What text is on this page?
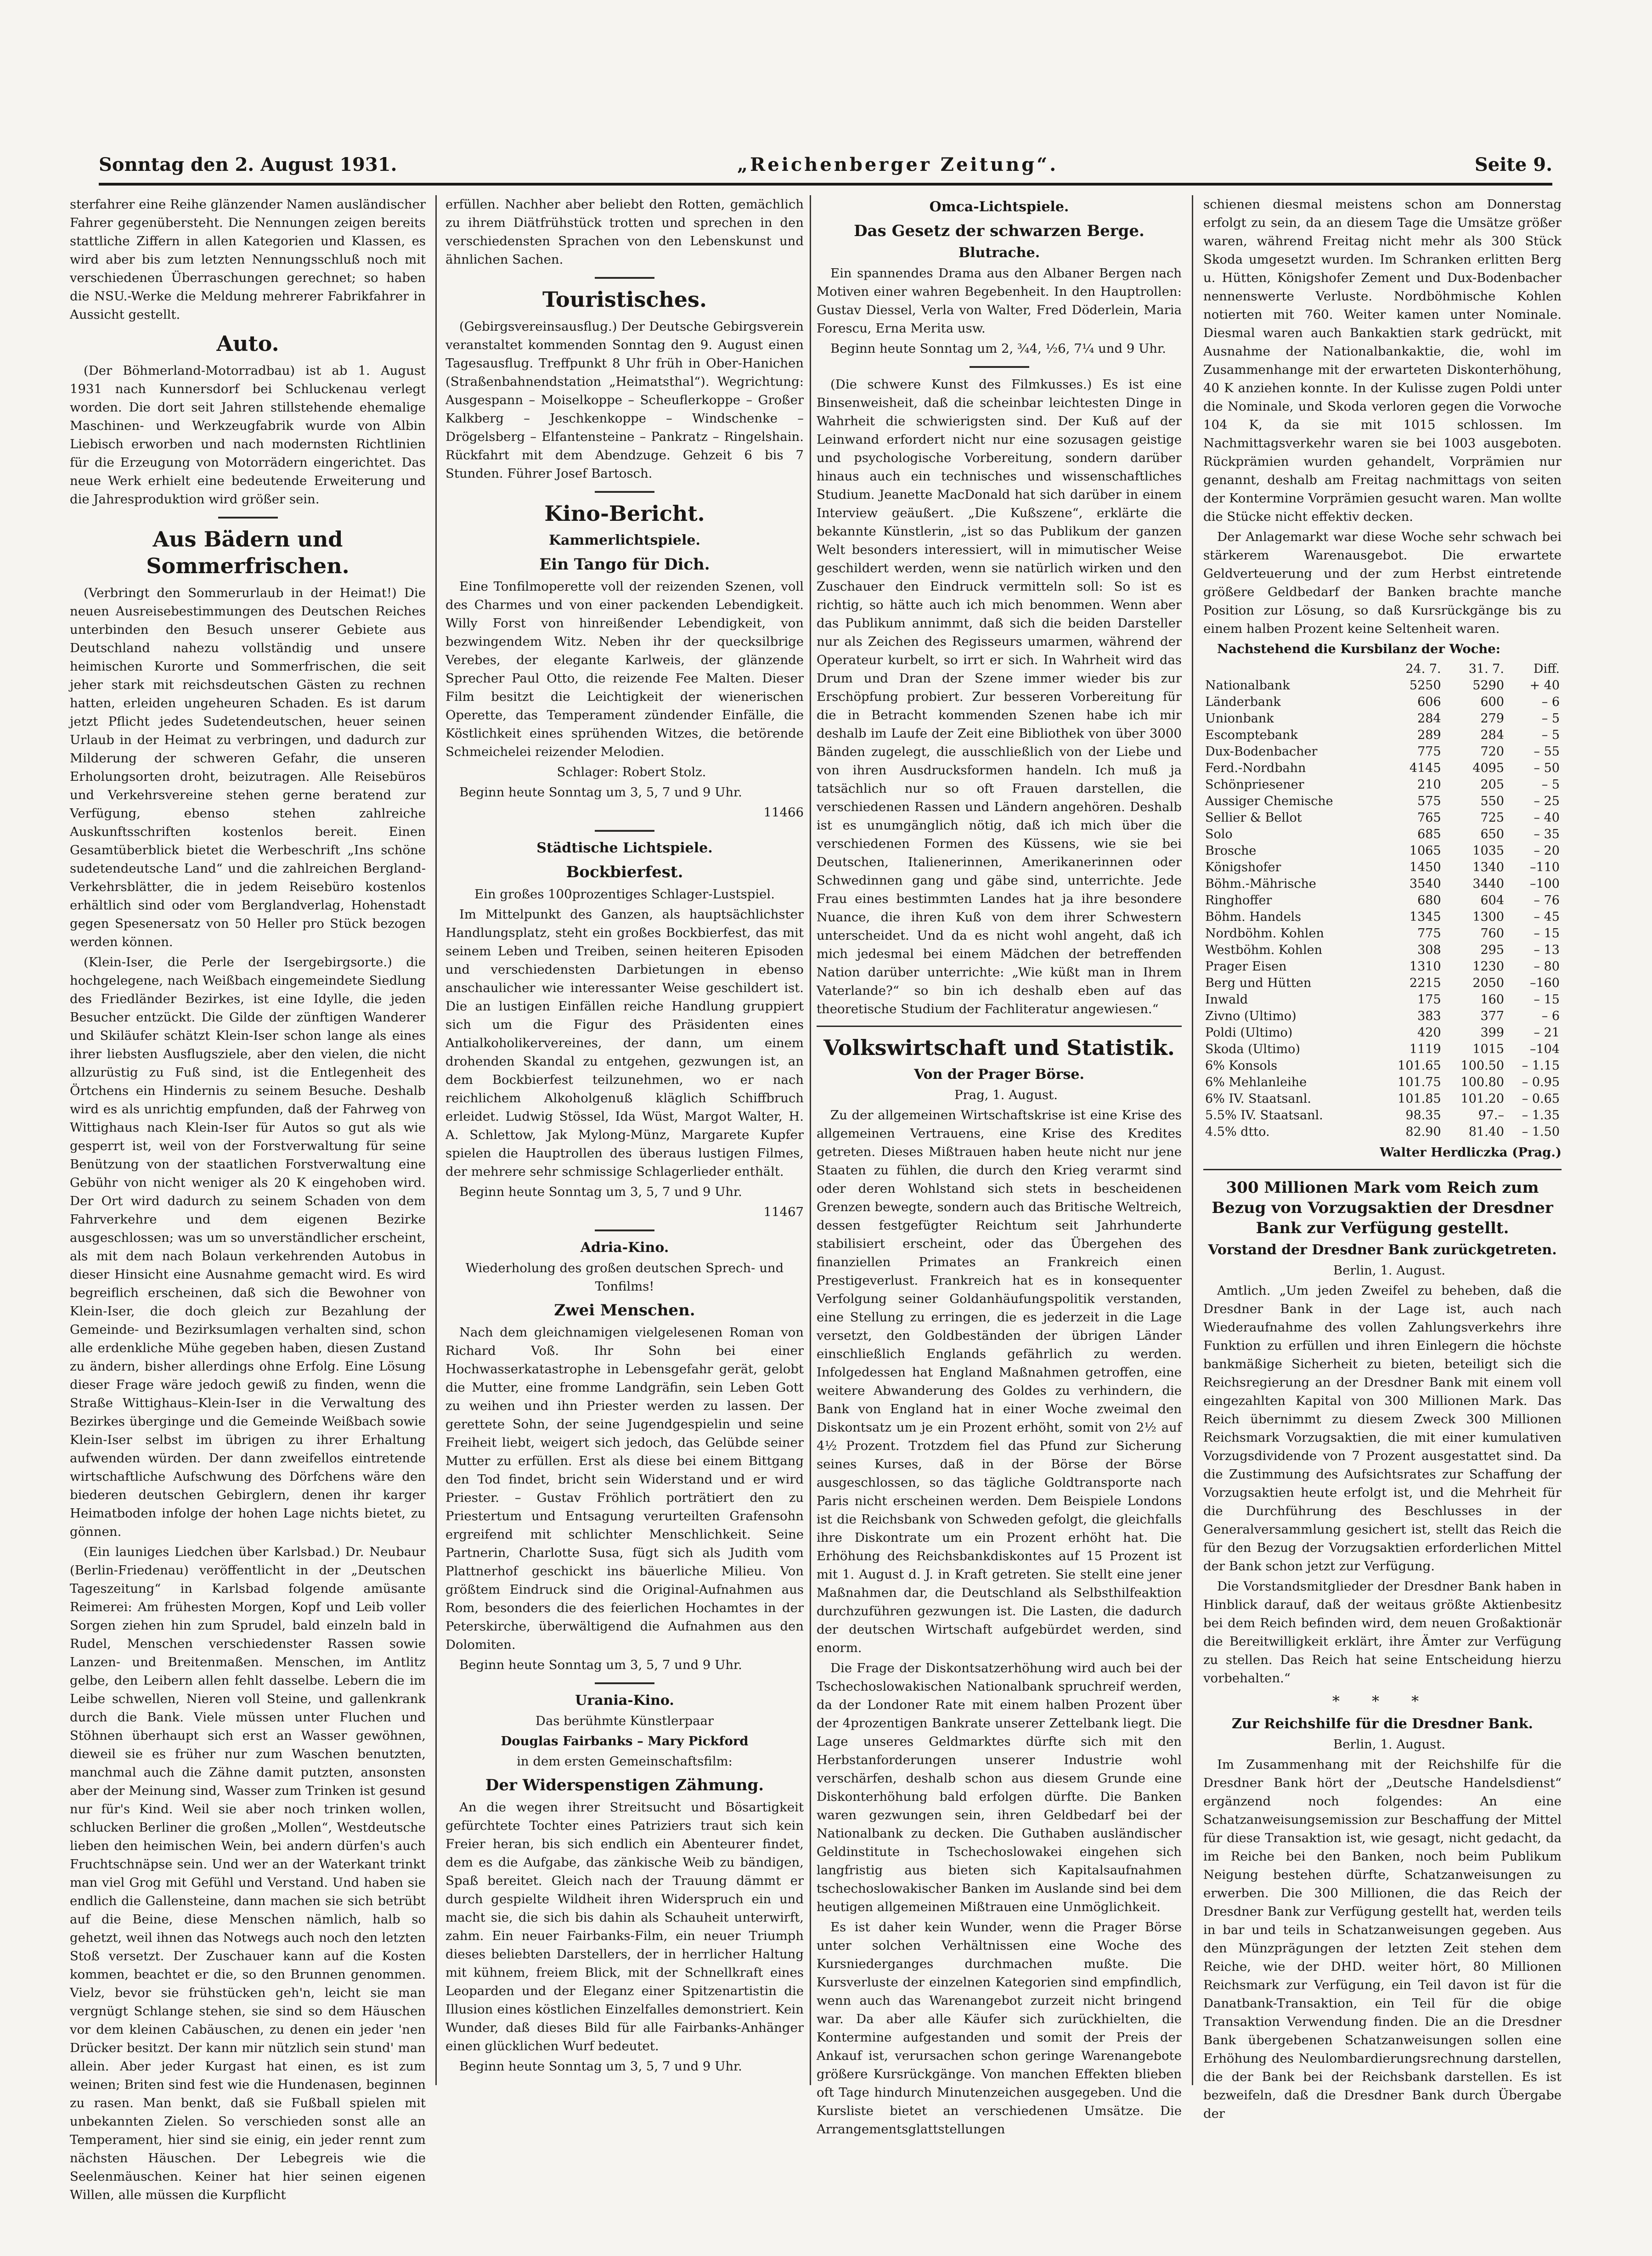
Sonntag den 2. August 1931.	„Reichenberger Zeitung“.	Seite 9.

sterfahrer eine Reihe glänzender Namen ausländischer Fahrer gegenübersteht. Die Nennungen zeigen bereits stattliche Ziffern in allen Kategorien und Klassen, es wird aber bis zum letzten Nennungsschluß noch mit verschiedenen Überraschungen gerechnet; so haben die NSU.-Werke die Meldung mehrerer Fabrikfahrer in Aussicht gestellt.

Auto.

(Der Böhmerland-Motorradbau) ist ab 1. August 1931 nach Kunnersdorf bei Schluckenau verlegt worden. Die dort seit Jahren stillstehende ehemalige Maschinen- und Werkzeugfabrik wurde von Albin Liebisch erworben und nach modernsten Richtlinien für die Erzeugung von Motorrädern eingerichtet. Das neue Werk erhielt eine bedeutende Erweiterung und die Jahresproduktion wird größer sein.

Aus Bädern und Sommerfrischen.

(Verbringt den Sommerurlaub in der Heimat!) Die neuen Ausreisebestimmungen des Deutschen Reiches unterbinden den Besuch unserer Gebiete aus Deutschland nahezu vollständig und unsere heimischen Kurorte und Sommerfrischen, die seit jeher stark mit reichsdeutschen Gästen zu rechnen hatten, erleiden ungeheuren Schaden. Es ist darum jetzt Pflicht jedes Sudetendeutschen, heuer seinen Urlaub in der Heimat zu verbringen, und dadurch zur Milderung der schweren Gefahr, die unseren Erholungsorten droht, beizutragen. Alle Reisebüros und Verkehrsvereine stehen gerne beratend zur Verfügung, ebenso stehen zahlreiche Auskunftsschriften kostenlos bereit. Einen Gesamtüberblick bietet die Werbeschrift „Ins schöne sudetendeutsche Land“ und die zahlreichen Bergland-Verkehrsblätter, die in jedem Reisebüro kostenlos erhältlich sind oder vom Berglandverlag, Hohenstadt gegen Spesenersatz von 50 Heller pro Stück bezogen werden können.

(Klein-Iser, die Perle der Isergebirgsorte.) die hochgelegene, nach Weißbach eingemeindete Siedlung des Friedländer Bezirkes, ist eine Idylle, die jeden Besucher entzückt. Die Gilde der zünftigen Wanderer und Skiläufer schätzt Klein-Iser schon lange als eines ihrer liebsten Ausflugsziele, aber den vielen, die nicht allzurüstig zu Fuß sind, ist die Entlegenheit des Örtchens ein Hindernis zu seinem Besuche. Deshalb wird es als unrichtig empfunden, daß der Fahrweg von Wittighaus nach Klein-Iser für Autos so gut als wie gesperrt ist, weil von der Forstverwaltung für seine Benützung von der staatlichen Forstverwaltung eine Gebühr von nicht weniger als 20 K eingehoben wird. Der Ort wird dadurch zu seinem Schaden von dem Fahrverkehre und dem eigenen Bezirke ausgeschlossen; was um so unverständlicher erscheint, als mit dem nach Bolaun verkehrenden Autobus in dieser Hinsicht eine Ausnahme gemacht wird. Es wird begreiflich erscheinen, daß sich die Bewohner von Klein-Iser, die doch gleich zur Bezahlung der Gemeinde- und Bezirksumlagen verhalten sind, schon alle erdenkliche Mühe gegeben haben, diesen Zustand zu ändern, bisher allerdings ohne Erfolg. Eine Lösung dieser Frage wäre jedoch gewiß zu finden, wenn die Straße Wittighaus–Klein-Iser in die Verwaltung des Bezirkes überginge und die Gemeinde Weißbach sowie Klein-Iser selbst im übrigen zu ihrer Erhaltung aufwenden würden. Der dann zweifellos eintretende wirtschaftliche Aufschwung des Dörfchens wäre den biederen deutschen Gebirglern, denen ihr karger Heimatboden infolge der hohen Lage nichts bietet, zu gönnen.

(Ein launiges Liedchen über Karlsbad.) Dr. Neubaur (Berlin-Friedenau) veröffentlicht in der „Deutschen Tageszeitung“ in Karlsbad folgende amüsante Reimerei: Am frühesten Morgen, Kopf und Leib voller Sorgen ziehen hin zum Sprudel, bald einzeln bald in Rudel, Menschen verschiedenster Rassen sowie Lanzen- und Breitenmaßen. Menschen, im Antlitz gelbe, den Leibern allen fehlt dasselbe. Lebern die im Leibe schwellen, Nieren voll Steine, und gallenkrank durch die Bank. Viele müssen unter Fluchen und Stöhnen überhaupt sich erst an Wasser gewöhnen, dieweil sie es früher nur zum Waschen benutzten, manchmal auch die Zähne damit putzten, ansonsten aber der Meinung sind, Wasser zum Trinken ist gesund nur für's Kind. Weil sie aber noch trinken wollen, schlucken Berliner die großen „Mollen“, Westdeutsche lieben den heimischen Wein, bei andern dürfen's auch Fruchtschnäpse sein. Und wer an der Waterkant trinkt man viel Grog mit Gefühl und Verstand. Und haben sie endlich die Gallensteine, dann machen sie sich betrübt auf die Beine, diese Menschen nämlich, halb so gehetzt, weil ihnen das Notwegs auch noch den letzten Stoß versetzt. Der Zuschauer kann auf die Kosten kommen, beachtet er die, so den Brunnen genommen. Vielz, bevor sie frühstücken geh'n, leicht sie man vergnügt Schlange stehen, sie sind so dem Häuschen vor dem kleinen Cabäuschen, zu denen ein jeder 'nen Drücker besitzt. Der kann mir nützlich sein stund' man allein. Aber jeder Kurgast hat einen, es ist zum weinen; Briten sind fest wie die Hundenasen, beginnen zu rasen. Man benkt, daß sie Fußball spielen mit unbekannten Zielen. So verschieden sonst alle an Temperament, hier sind sie einig, ein jeder rennt zum nächsten Häuschen. Der Lebegreis wie die Seelenmäuschen. Keiner hat hier seinen eigenen Willen, alle müssen die Kurpflicht

erfüllen. Nachher aber beliebt den Rotten, gemächlich zu ihrem Diätfrühstück trotten und sprechen in den verschiedensten Sprachen von den Lebenskunst und ähnlichen Sachen.

Touristisches.

(Gebirgsvereinsausflug.) Der Deutsche Gebirgsverein veranstaltet kommenden Sonntag den 9. August einen Tagesausflug. Treffpunkt 8 Uhr früh in Ober-Hanichen (Straßenbahnendstation „Heimatsthal“). Wegrichtung: Ausgespann – Moiselkoppe – Scheuflerkoppe – Großer Kalkberg – Jeschkenkoppe – Windschenke – Drögelsberg – Elfantensteine – Pankratz – Ringelshain. Rückfahrt mit dem Abendzuge. Gehzeit 6 bis 7 Stunden. Führer Josef Bartosch.

Kino-Bericht.
Kammerlichtspiele.
Ein Tango für Dich.

Eine Tonfilmoperette voll der reizenden Szenen, voll des Charmes und von einer packenden Lebendigkeit. Willy Forst von hinreißender Lebendigkeit, von bezwingendem Witz. Neben ihr der quecksilbrige Verebes, der elegante Karlweis, der glänzende Sprecher Paul Otto, die reizende Fee Malten. Dieser Film besitzt die Leichtigkeit der wienerischen Operette, das Temperament zündender Einfälle, die Köstlichkeit eines sprühenden Witzes, die betörende Schmeichelei reizender Melodien.

Schlager: Robert Stolz.

Beginn heute Sonntag um 3, 5, 7 und 9 Uhr.

11466

Städtische Lichtspiele.
Bockbierfest.

Ein großes 100prozentiges Schlager-Lustspiel.

Im Mittelpunkt des Ganzen, als hauptsächlichster Handlungsplatz, steht ein großes Bockbierfest, das mit seinem Leben und Treiben, seinen heiteren Episoden und verschiedensten Darbietungen in ebenso anschaulicher wie interessanter Weise geschildert ist. Die an lustigen Einfällen reiche Handlung gruppiert sich um die Figur des Präsidenten eines Antialkoholikervereines, der dann, um einem drohenden Skandal zu entgehen, gezwungen ist, an dem Bockbierfest teilzunehmen, wo er nach reichlichem Alkoholgenuß kläglich Schiffbruch erleidet. Ludwig Stössel, Ida Wüst, Margot Walter, H. A. Schlettow, Jak Mylong-Münz, Margarete Kupfer spielen die Hauptrollen des überaus lustigen Filmes, der mehrere sehr schmissige Schlagerlieder enthält.

Beginn heute Sonntag um 3, 5, 7 und 9 Uhr.

11467

Adria-Kino.

Wiederholung des großen deutschen Sprech- und Tonfilms!

Zwei Menschen.

Nach dem gleichnamigen vielgelesenen Roman von Richard Voß. Ihr Sohn bei einer Hochwasserkatastrophe in Lebensgefahr gerät, gelobt die Mutter, eine fromme Landgräfin, sein Leben Gott zu weihen und ihn Priester werden zu lassen. Der gerettete Sohn, der seine Jugendgespielin und seine Freiheit liebt, weigert sich jedoch, das Gelübde seiner Mutter zu erfüllen. Erst als diese bei einem Bittgang den Tod findet, bricht sein Widerstand und er wird Priester. – Gustav Fröhlich porträtiert den zu Priestertum und Entsagung verurteilten Grafensohn ergreifend mit schlichter Menschlichkeit. Seine Partnerin, Charlotte Susa, fügt sich als Judith vom Plattnerhof geschickt ins bäuerliche Milieu. Von größtem Eindruck sind die Original-Aufnahmen aus Rom, besonders die des feierlichen Hochamtes in der Peterskirche, überwältigend die Aufnahmen aus den Dolomiten.

Beginn heute Sonntag um 3, 5, 7 und 9 Uhr.

Urania-Kino.

Das berühmte Künstlerpaar

Douglas Fairbanks – Mary Pickford

in dem ersten Gemeinschaftsfilm:

Der Widerspenstigen Zähmung.

An die wegen ihrer Streitsucht und Bösartigkeit gefürchtete Tochter eines Patriziers traut sich kein Freier heran, bis sich endlich ein Abenteurer findet, dem es die Aufgabe, das zänkische Weib zu bändigen, Spaß bereitet. Gleich nach der Trauung dämmt er durch gespielte Wildheit ihren Widerspruch ein und macht sie, die sich bis dahin als Schauheit unterwirft, zahm. Ein neuer Fairbanks-Film, ein neuer Triumph dieses beliebten Darstellers, der in herrlicher Haltung mit kühnem, freiem Blick, mit der Schnellkraft eines Leoparden und der Eleganz einer Spitzenartistin die Illusion eines köstlichen Einzelfalles demonstriert. Kein Wunder, daß dieses Bild für alle Fairbanks-Anhänger einen glücklichen Wurf bedeutet.

Beginn heute Sonntag um 3, 5, 7 und 9 Uhr.

Omca-Lichtspiele.
Das Gesetz der schwarzen Berge.
Blutrache.

Ein spannendes Drama aus den Albaner Bergen nach Motiven einer wahren Begebenheit. In den Hauptrollen: Gustav Diessel, Verla von Walter, Fred Döderlein, Maria Forescu, Erna Merita usw.

Beginn heute Sonntag um 2, ¾4, ½6, 7¼ und 9 Uhr.

(Die schwere Kunst des Filmkusses.) Es ist eine Binsenweisheit, daß die scheinbar leichtesten Dinge in Wahrheit die schwierigsten sind. Der Kuß auf der Leinwand erfordert nicht nur eine sozusagen geistige und psychologische Vorbereitung, sondern darüber hinaus auch ein technisches und wissenschaftliches Studium. Jeanette MacDonald hat sich darüber in einem Interview geäußert. „Die Kußszene“, erklärte die bekannte Künstlerin, „ist so das Publikum der ganzen Welt besonders interessiert, will in mimutischer Weise geschildert werden, wenn sie natürlich wirken und den Zuschauer den Eindruck vermitteln soll: So ist es richtig, so hätte auch ich mich benommen. Wenn aber das Publikum annimmt, daß sich die beiden Darsteller nur als Zeichen des Regisseurs umarmen, während der Operateur kurbelt, so irrt er sich. In Wahrheit wird das Drum und Dran der Szene immer wieder bis zur Erschöpfung probiert. Zur besseren Vorbereitung für die in Betracht kommenden Szenen habe ich mir deshalb im Laufe der Zeit eine Bibliothek von über 3000 Bänden zugelegt, die ausschließlich von der Liebe und von ihren Ausdrucksformen handeln. Ich muß ja tatsächlich nur so oft Frauen darstellen, die verschiedenen Rassen und Ländern angehören. Deshalb ist es unumgänglich nötig, daß ich mich über die verschiedenen Formen des Küssens, wie sie bei Deutschen, Italienerinnen, Amerikanerinnen oder Schwedinnen gang und gäbe sind, unterrichte. Jede Frau eines bestimmten Landes hat ja ihre besondere Nuance, die ihren Kuß von dem ihrer Schwestern unterscheidet. Und da es nicht wohl angeht, daß ich mich jedesmal bei einem Mädchen der betreffenden Nation darüber unterrichte: „Wie küßt man in Ihrem Vaterlande?“ so bin ich deshalb eben auf das theoretische Studium der Fachliteratur angewiesen.“

Volkswirtschaft und Statistik.
Von der Prager Börse.

Prag, 1. August.

Zu der allgemeinen Wirtschaftskrise ist eine Krise des allgemeinen Vertrauens, eine Krise des Kredites getreten. Dieses Mißtrauen haben heute nicht nur jene Staaten zu fühlen, die durch den Krieg verarmt sind oder deren Wohlstand sich stets in bescheidenen Grenzen bewegte, sondern auch das Britische Weltreich, dessen festgefügter Reichtum seit Jahrhunderte stabilisiert erscheint, oder das Übergehen des finanziellen Primates an Frankreich einen Prestigeverlust. Frankreich hat es in konsequenter Verfolgung seiner Goldanhäufungspolitik verstanden, eine Stellung zu erringen, die es jederzeit in die Lage versetzt, den Goldbeständen der übrigen Länder einschließlich Englands gefährlich zu werden. Infolgedessen hat England Maßnahmen getroffen, eine weitere Abwanderung des Goldes zu verhindern, die Bank von England hat in einer Woche zweimal den Diskontsatz um je ein Prozent erhöht, somit von 2½ auf 4½ Prozent. Trotzdem fiel das Pfund zur Sicherung seines Kurses, daß in der Börse der Börse ausgeschlossen, so das tägliche Goldtransporte nach Paris nicht erscheinen werden. Dem Beispiele Londons ist die Reichsbank von Schweden gefolgt, die gleichfalls ihre Diskontrate um ein Prozent erhöht hat. Die Erhöhung des Reichsbankdiskontes auf 15 Prozent ist mit 1. August d. J. in Kraft getreten. Sie stellt eine jener Maßnahmen dar, die Deutschland als Selbsthilfeaktion durchzuführen gezwungen ist. Die Lasten, die dadurch der deutschen Wirtschaft aufgebürdet werden, sind enorm.

Die Frage der Diskontsatzerhöhung wird auch bei der Tschechoslowakischen Nationalbank spruchreif werden, da der Londoner Rate mit einem halben Prozent über der 4prozentigen Bankrate unserer Zettelbank liegt. Die Lage unseres Geldmarktes dürfte sich mit den Herbstanforderungen unserer Industrie wohl verschärfen, deshalb schon aus diesem Grunde eine Diskonterhöhung bald erfolgen dürfte. Die Banken waren gezwungen sein, ihren Geldbedarf bei der Nationalbank zu decken. Die Guthaben ausländischer Geldinstitute in Tschechoslowakei eingehen sich langfristig aus bieten sich Kapitalsaufnahmen tschechoslowakischer Banken im Auslande sind bei dem heutigen allgemeinen Mißtrauen eine Unmöglichkeit.

Es ist daher kein Wunder, wenn die Prager Börse unter solchen Verhältnissen eine Woche des Kursniederganges durchmachen mußte. Die Kursverluste der einzelnen Kategorien sind empfindlich, wenn auch das Warenangebot zurzeit nicht bringend war. Da aber alle Käufer sich zurückhielten, die Kontermine aufgestanden und somit der Preis der Ankauf ist, verursachen schon geringe Warenangebote größere Kursrückgänge. Von manchen Effekten blieben oft Tage hindurch Minutenzeichen ausgegeben. Und die Kursliste bietet an verschiedenen Umsätze. Die Arrangementsglattstellungen

schienen diesmal meistens schon am Donnerstag erfolgt zu sein, da an diesem Tage die Umsätze größer waren, während Freitag nicht mehr als 300 Stück Skoda umgesetzt wurden. Im Schranken erlitten Berg u. Hütten, Königshofer Zement und Dux-Bodenbacher nennenswerte Verluste. Nordböhmische Kohlen notierten mit 760. Weiter kamen unter Nominale. Diesmal waren auch Bankaktien stark gedrückt, mit Ausnahme der Nationalbankaktie, die, wohl im Zusammenhange mit der erwarteten Diskonterhöhung, 40 K anziehen konnte. In der Kulisse zugen Poldi unter die Nominale, und Skoda verloren gegen die Vorwoche 104 K, da sie mit 1015 schlossen. Im Nachmittagsverkehr waren sie bei 1003 ausgeboten. Rückprämien wurden gehandelt, Vorprämien nur genannt, deshalb am Freitag nachmittags von seiten der Kontermine Vorprämien gesucht waren. Man wollte die Stücke nicht effektiv decken.

Der Anlagemarkt war diese Woche sehr schwach bei stärkerem Warenausgebot. Die erwartete Geldverteuerung und der zum Herbst eintretende größere Geldbedarf der Banken brachte manche Position zur Lösung, so daß Kursrückgänge bis zu einem halben Prozent keine Seltenheit waren.

Nachstehend die Kursbilanz der Woche:

	24. 7.	31. 7.	Diff.
Nationalbank	5250	5290	+ 40
Länderbank	606	600	– 6
Unionbank	284	279	– 5
Escomptebank	289	284	– 5
Dux-Bodenbacher	775	720	– 55
Ferd.-Nordbahn	4145	4095	– 50
Schönpriesener	210	205	– 5
Aussiger Chemische	575	550	– 25
Sellier & Bellot	765	725	– 40
Solo	685	650	– 35
Brosche	1065	1035	– 20
Königshofer	1450	1340	–110
Böhm.-Mährische	3540	3440	–100
Ringhoffer	680	604	– 76
Böhm. Handels	1345	1300	– 45
Nordböhm. Kohlen	775	760	– 15
Westböhm. Kohlen	308	295	– 13
Prager Eisen	1310	1230	– 80
Berg und Hütten	2215	2050	–160
Inwald	175	160	– 15
Zivno (Ultimo)	383	377	– 6
Poldi (Ultimo)	420	399	– 21
Skoda (Ultimo)	1119	1015	–104
6% Konsols	101.65	100.50	– 1.15
6% Mehlanleihe	101.75	100.80	– 0.95
6% IV. Staatsanl.	101.85	101.20	– 0.65
5.5% IV. Staatsanl.	98.35	97.–	– 1.35
4.5% dtto.	82.90	81.40	– 1.50

Walter Herdliczka (Prag.)

300 Millionen Mark vom Reich zum Bezug von Vorzugsaktien der Dresdner Bank zur Verfügung gestellt.
Vorstand der Dresdner Bank zurückgetreten.

Berlin, 1. August.

Amtlich. „Um jeden Zweifel zu beheben, daß die Dresdner Bank in der Lage ist, auch nach Wiederaufnahme des vollen Zahlungsverkehrs ihre Funktion zu erfüllen und ihren Einlegern die höchste bankmäßige Sicherheit zu bieten, beteiligt sich die Reichsregierung an der Dresdner Bank mit einem voll eingezahlten Kapital von 300 Millionen Mark. Das Reich übernimmt zu diesem Zweck 300 Millionen Reichsmark Vorzugsaktien, die mit einer kumulativen Vorzugsdividende von 7 Prozent ausgestattet sind. Da die Zustimmung des Aufsichtsrates zur Schaffung der Vorzugsaktien heute erfolgt ist, und die Mehrheit für die Durchführung des Beschlusses in der Generalversammlung gesichert ist, stellt das Reich die für den Bezug der Vorzugsaktien erforderlichen Mittel der Bank schon jetzt zur Verfügung.

Die Vorstandsmitglieder der Dresdner Bank haben in Hinblick darauf, daß der weitaus größte Aktienbesitz bei dem Reich befinden wird, dem neuen Großaktionär die Bereitwilligkeit erklärt, ihre Ämter zur Verfügung zu stellen. Das Reich hat seine Entscheidung hierzu vorbehalten.“

* * *
Zur Reichshilfe für die Dresdner Bank.

Berlin, 1. August.

Im Zusammenhang mit der Reichshilfe für die Dresdner Bank hört der „Deutsche Handelsdienst“ ergänzend noch folgendes: An eine Schatzanweisungsemission zur Beschaffung der Mittel für diese Transaktion ist, wie gesagt, nicht gedacht, da im Reiche bei den Banken, noch beim Publikum Neigung bestehen dürfte, Schatzanweisungen zu erwerben. Die 300 Millionen, die das Reich der Dresdner Bank zur Verfügung gestellt hat, werden teils in bar und teils in Schatzanweisungen gegeben. Aus den Münzprägungen der letzten Zeit stehen dem Reiche, wie der DHD. weiter hört, 80 Millionen Reichsmark zur Verfügung, ein Teil davon ist für die Danatbank-Transaktion, ein Teil für die obige Transaktion Verwendung finden. Die an die Dresdner Bank übergebenen Schatzanweisungen sollen eine Erhöhung des Neulombardierungsrechnung darstellen, die der Bank bei der Reichsbank darstellen. Es ist bezweifeln, daß die Dresdner Bank durch Übergabe der
